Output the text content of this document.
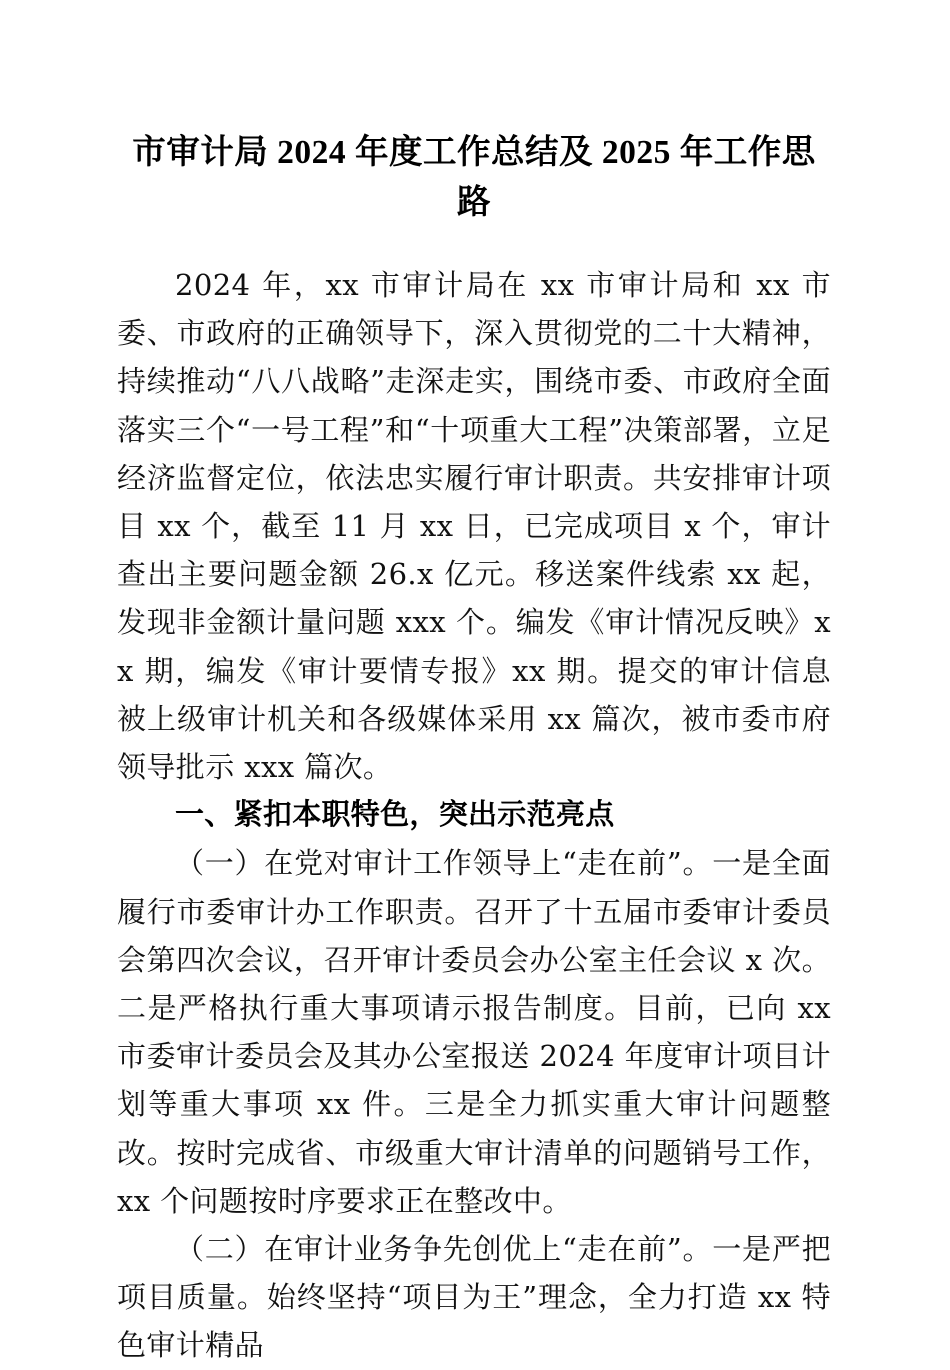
市审计局 2024 年度工作总结及 2025 年工作思路

2024 年，xx 市审计局在 xx 市审计局和 xx 市委、市政府的正确领导下，深入贯彻党的二十大精神，持续推动“八八战略”走深走实，围绕市委、市政府全面落实三个“一号工程”和“十项重大工程”决策部署，立足经济监督定位，依法忠实履行审计职责。共安排审计项目 xx 个，截至 11 月 xx 日，已完成项目 x 个，审计查出主要问题金额 26.x 亿元。移送案件线索 xx 起，发现非金额计量问题 xxx 个。编发《审计情况反映》xx 期，编发《审计要情专报》xx 期。提交的审计信息被上级审计机关和各级媒体采用 xx 篇次，被市委市府领导批示 xxx 篇次。

一、紧扣本职特色，突出示范亮点

（一）在党对审计工作领导上“走在前”。一是全面履行市委审计办工作职责。召开了十五届市委审计委员会第四次会议，召开审计委员会办公室主任会议 x 次。二是严格执行重大事项请示报告制度。目前，已向 xx 市委审计委员会及其办公室报送 2024 年度审计项目计划等重大事项 xx 件。三是全力抓实重大审计问题整改。按时完成省、市级重大审计清单的问题销号工作，xx 个问题按时序要求正在整改中。

（二）在审计业务争先创优上“走在前”。一是严把项目质量。始终坚持“项目为王”理念，全力打造 xx 特色审计精品
